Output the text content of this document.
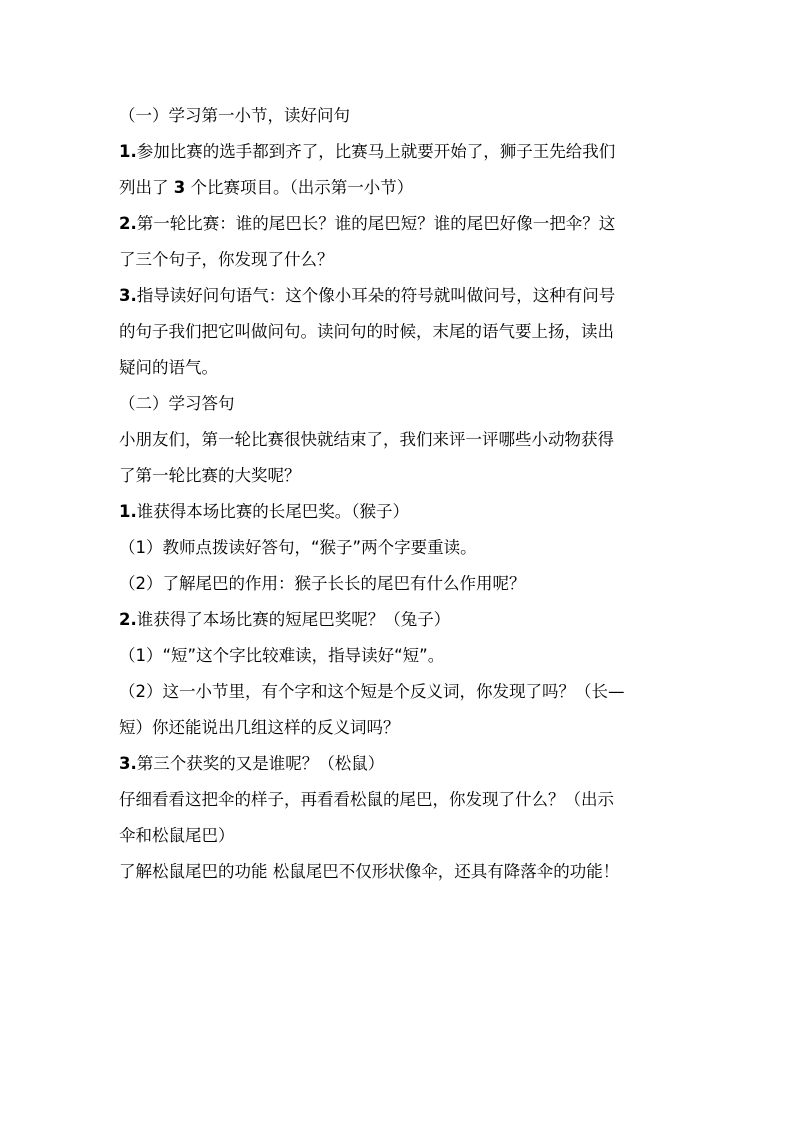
（一）学习第一小节，读好问句
1.参加比赛的选手都到齐了，比赛马上就要开始了，狮子王先给我们
列出了 3 个比赛项目。（出示第一小节）
2.第一轮比赛：谁的尾巴长？谁的尾巴短？谁的尾巴好像一把伞？这
了三个句子，你发现了什么？
3.指导读好问句语气：这个像小耳朵的符号就叫做问号，这种有问号
的句子我们把它叫做问句。读问句的时候，末尾的语气要上扬，读出
疑问的语气。
（二）学习答句
小朋友们，第一轮比赛很快就结束了，我们来评一评哪些小动物获得
了第一轮比赛的大奖呢？
1.谁获得本场比赛的长尾巴奖。（猴子）
（1）教师点拨读好答句，“猴子”两个字要重读。
（2）了解尾巴的作用：猴子长长的尾巴有什么作用呢？
2.谁获得了本场比赛的短尾巴奖呢？（兔子）
（1）“短”这个字比较难读，指导读好“短”。
（2）这一小节里，有个字和这个短是个反义词，你发现了吗？（长—
短）你还能说出几组这样的反义词吗？
3.第三个获奖的又是谁呢？（松鼠）
仔细看看这把伞的样子，再看看松鼠的尾巴，你发现了什么？（出示
伞和松鼠尾巴）
了解松鼠尾巴的功能 松鼠尾巴不仅形状像伞，还具有降落伞的功能！
